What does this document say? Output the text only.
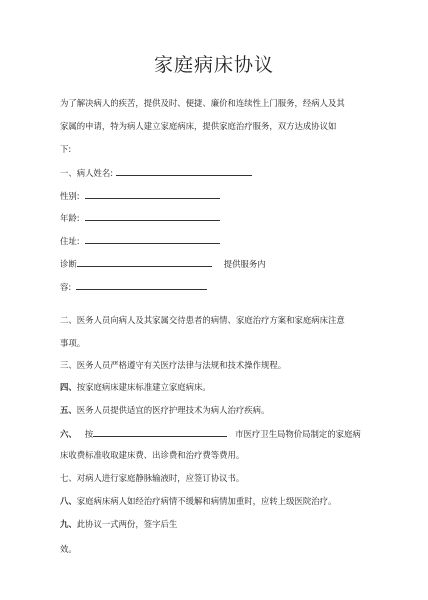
家庭病床协议
为了解决病人的疾苦，提供及时、便捷、廉价和连续性上门服务，经病人及其
家属的申请，特为病人建立家庭病床，提供家庭治疗服务，双方达成协议如
下:
一、病人姓名:
性别:
年龄:
住址:
诊断	提供服务内
容:
二、医务人员向病人及其家属交待患者的病情、家庭治疗方案和家庭病床注意
事项。
三、医务人员严格遵守有关医疗法律与法规和技术操作规程。
四、按家庭病床建床标准建立家庭病床。
五、医务人员提供适宜的医疗护理技术为病人治疗疾病。
六、 按	市医疗卫生局物价局制定的家庭病
床收费标准收取建床费、出诊费和治疗费等费用。
七、对病人进行家庭静脉输液时，应签订协议书。
八、家庭病床病人如经治疗病情不缓解和病情加重时，应转上级医院治疗。
九、此协议一式两份，签字后生
效。
